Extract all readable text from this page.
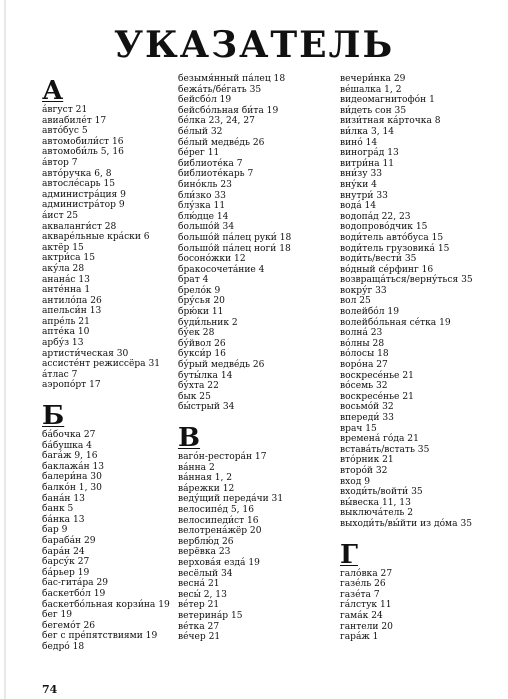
УКАЗАТЕЛЬ
А
а́вгуст 21
авиабиле́т 17
авто́бус 5
автомобили́ст 16
автомоби́ль 5, 16
а́втор 7
авто́ручка 6, 8
автосле́сарь 15
администра́ция 9
администра́тор 9
а́ист 25
акваланги́ст 28
акваре́льные кра́ски 6
актёр 15
актри́са 15
аку́ла 28
анана́с 13
анте́нна 1
антило́па 26
апельси́н 13
апре́ль 21
апте́ка 10
арбу́з 13
артисти́ческая 30
ассисте́нт режиссёра 31
а́тлас 7
аэропо́рт 17
Б
ба́бочка 27
ба́бушка 4
бага́ж 9, 16
баклажа́н 13
балери́на 30
балко́н 1, 30
бана́н 13
банк 5
ба́нка 13
бар 9
бараба́н 29
бара́н 24
барсу́к 27
ба́рьер 19
бас-гита́ра 29
баскетбо́л 19
баскетбо́льная корзи́на 19
бег 19
бегемо́т 26
бег с пре́пятствиями 19
бедро́ 18
безымя́нный па́лец 18
бежа́ть/бе́гать 35
бейсбо́л 19
бейсбо́льная би́та 19
бе́лка 23, 24, 27
бе́лый 32
бе́лый медве́дь 26
бе́рег 11
библиоте́ка 7
библиоте́карь 7
бино́кль 23
бли́зко 33
блу́зка 11
блю́дце 14
большо́й 34
большо́й па́лец руки́ 18
большо́й па́лец ноги́ 18
босоно́жки 12
бракосочета́ние 4
брат 4
брело́к 9
бру́сья 20
брю́ки 11
буди́льник 2
бу́ек 28
бу́йвол 26
букси́р 16
бу́рый медве́дь 26
буты́лка 14
бу́хта 22
бык 25
бы́стрый 34
В
ваго́н-рестора́н 17
ва́нна 2
ва́нная 1, 2
ва́режки 12
веду́щий переда́чи 31
велосипе́д 5, 16
велосипеди́ст 16
велотрена́жёр 20
верблю́д 26
верёвка 23
верхова́я езда́ 19
весёлый 34
весна́ 21
весы́ 2, 13
ве́тер 21
ветерина́р 15
ве́тка 27
ве́чер 21
вечери́нка 29
ве́шалка 1, 2
видеомагнитофо́н 1
ви́деть сон 35
визи́тная ка́рточка 8
ви́лка 3, 14
вино́ 14
виногра́д 13
витри́на 11
вни́зу 33
вну́ки 4
внутри́ 33
вода́ 14
водопа́д 22, 23
водопрово́дчик 15
води́тель авто́буса 15
води́тель грузовика́ 15
води́ть/вести́ 35
во́дный се́рфинг 16
возвраща́ться/верну́ться 35
вокру́г 33
вол 25
волейбо́л 19
волейбо́льная се́тка 19
волна́ 23
во́лны 28
во́лосы 18
воро́на 27
воскресе́нье 21
во́семь 32
воскресе́нье 21
восьмо́й 32
впереди́ 33
врач 15
времена́ го́да 21
встава́ть/встать 35
вто́рник 21
второ́й 32
вход 9
входи́ть/войти́ 35
вы́веска 11, 13
выключа́тель 2
выходи́ть/вы́йти из до́ма 35
Г
гало́вка 27
газе́ль 26
газе́та 7
га́лстук 11
гама́к 24
гантели 20
гара́ж 1
74
